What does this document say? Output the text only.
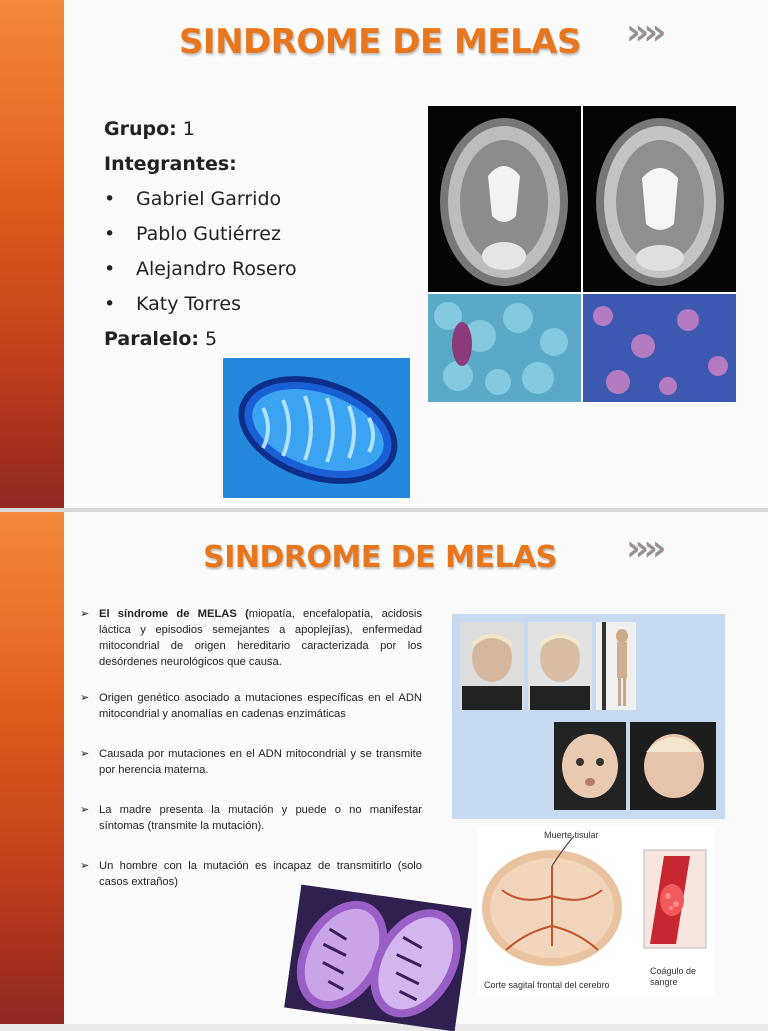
SINDROME DE MELAS	»»
Grupo: 1
Integrantes:
• Gabriel Garrido
• Pablo Gutiérrez
• Alejandro Rosero
• Katy Torres
Paralelo: 5
SINDROME DE MELAS	»»
➢ El síndrome de MELAS (miopatía, encefalopatía, acidosis láctica y episodios semejantes a apoplejías), enfermedad mitocondrial de origen hereditario caracterizada por los desórdenes neurológicos que causa.
➢ Origen genético asociado a mutaciones específicas en el ADN mitocondrial y anomalías en cadenas enzimáticas
➢ Causada por mutaciones en el ADN mitocondrial y se transmite por herencia materna.
➢ La madre presenta la mutación y puede o no manifestar síntomas (transmite la mutación).
➢ Un hombre con la mutación es incapaz de transmitirlo (solo casos extraños)
Muerte tisular
Coágulo de sangre
Corte sagital frontal del cerebro
